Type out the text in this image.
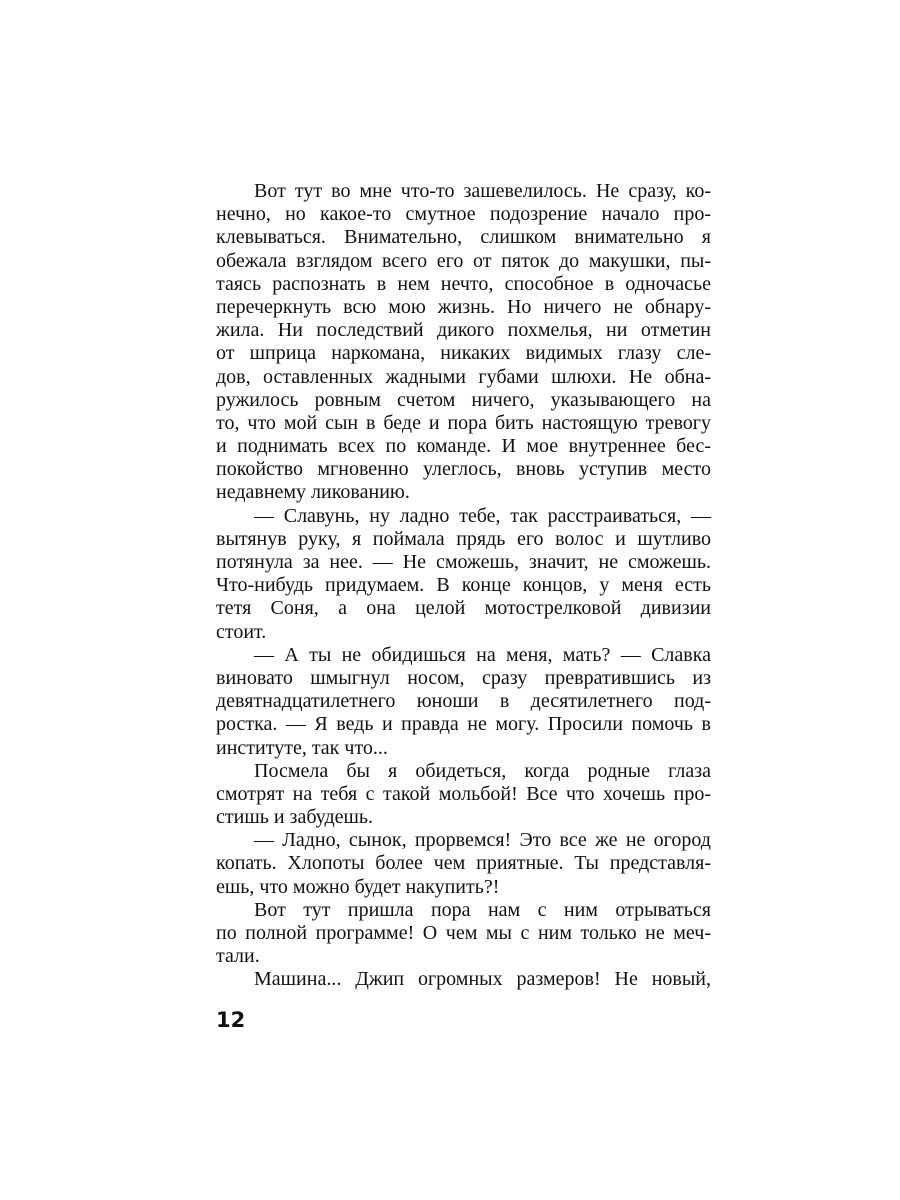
Вот тут во мне что-то зашевелилось. Не сразу, ко-
нечно, но какое-то смутное подозрение начало про-
клевываться. Внимательно, слишком внимательно я
обежала взглядом всего его от пяток до макушки, пы-
таясь распознать в нем нечто, способное в одночасье
перечеркнуть всю мою жизнь. Но ничего не обнару-
жила. Ни последствий дикого похмелья, ни отметин
от шприца наркомана, никаких видимых глазу сле-
дов, оставленных жадными губами шлюхи. Не обна-
ружилось ровным счетом ничего, указывающего на
то, что мой сын в беде и пора бить настоящую тревогу
и поднимать всех по команде. И мое внутреннее бес-
покойство мгновенно улеглось, вновь уступив место
недавнему ликованию.
— Славунь, ну ладно тебе, так расстраиваться, —
вытянув руку, я поймала прядь его волос и шутливо
потянула за нее. — Не сможешь, значит, не сможешь.
Что-нибудь придумаем. В конце концов, у меня есть
тетя Соня, а она целой мотострелковой дивизии
стоит.
— А ты не обидишься на меня, мать? — Славка
виновато шмыгнул носом, сразу превратившись из
девятнадцатилетнего юноши в десятилетнего под-
ростка. — Я ведь и правда не могу. Просили помочь в
институте, так что...
Посмела бы я обидеться, когда родные глаза
смотрят на тебя с такой мольбой! Все что хочешь про-
стишь и забудешь.
— Ладно, сынок, прорвемся! Это все же не огород
копать. Хлопоты более чем приятные. Ты представля-
ешь, что можно будет накупить?!
Вот тут пришла пора нам с ним отрываться
по полной программе! О чем мы с ним только не меч-
тали.
Машина... Джип огромных размеров! Не новый,
12
